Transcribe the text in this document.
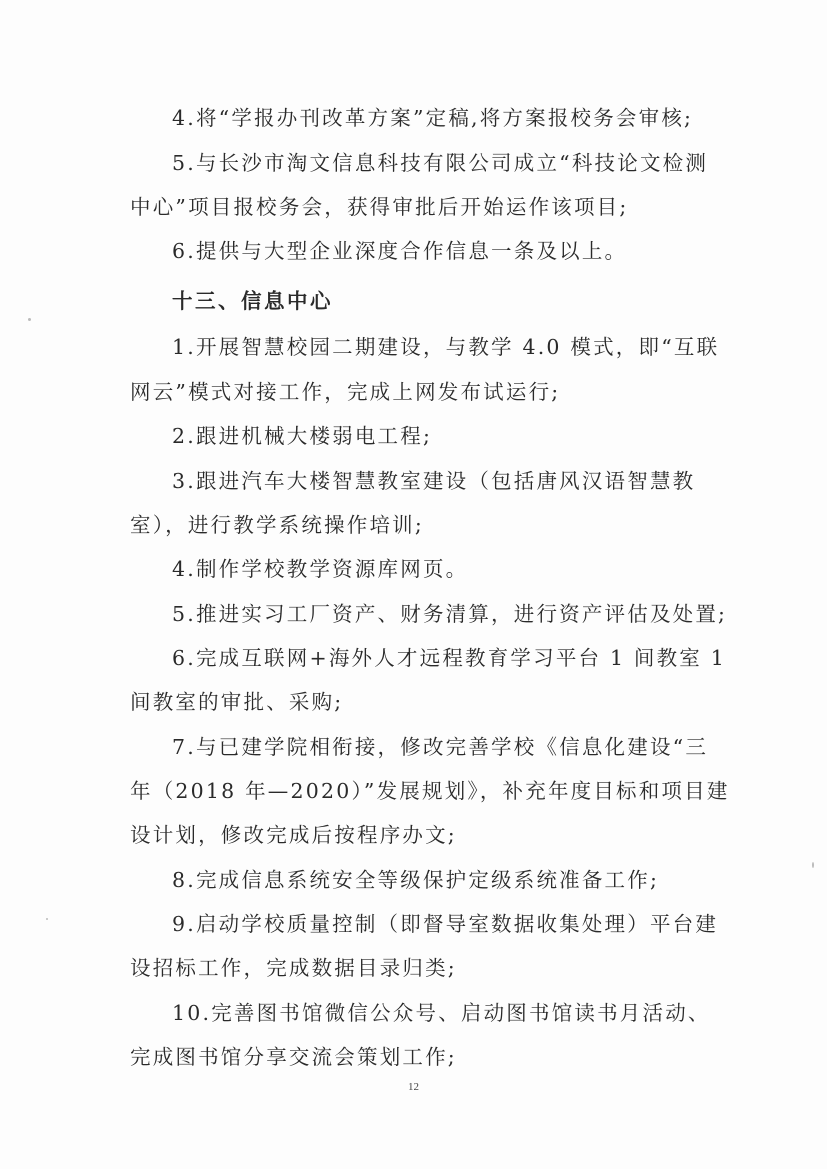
4.将“学报办刊改革方案”定稿,将方案报校务会审核;
5.与长沙市淘文信息科技有限公司成立“科技论文检测
中心”项目报校务会，获得审批后开始运作该项目;
6.提供与大型企业深度合作信息一条及以上。
十三、信息中心
1.开展智慧校园二期建设，与教学 4.0 模式，即“互联
网云”模式对接工作，完成上网发布试运行;
2.跟进机械大楼弱电工程;
3.跟进汽车大楼智慧教室建设（包括唐风汉语智慧教
室），进行教学系统操作培训;
4.制作学校教学资源库网页。
5.推进实习工厂资产、财务清算，进行资产评估及处置;
6.完成互联网+海外人才远程教育学习平台 1 间教室 1
间教室的审批、采购;
7.与已建学院相衔接，修改完善学校《信息化建设“三
年（2018 年—2020）”发展规划》，补充年度目标和项目建
设计划，修改完成后按程序办文;
8.完成信息系统安全等级保护定级系统准备工作;
9.启动学校质量控制（即督导室数据收集处理）平台建
设招标工作，完成数据目录归类;
10.完善图书馆微信公众号、启动图书馆读书月活动、
完成图书馆分享交流会策划工作;
12
